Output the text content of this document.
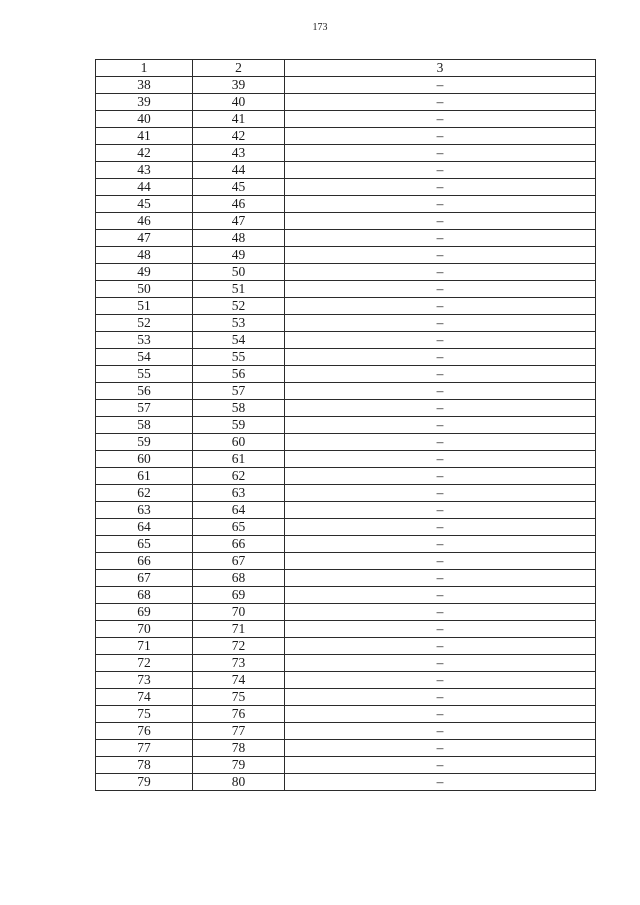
173
1	2	3
38	39	–
39	40	–
40	41	–
41	42	–
42	43	–
43	44	–
44	45	–
45	46	–
46	47	–
47	48	–
48	49	–
49	50	–
50	51	–
51	52	–
52	53	–
53	54	–
54	55	–
55	56	–
56	57	–
57	58	–
58	59	–
59	60	–
60	61	–
61	62	–
62	63	–
63	64	–
64	65	–
65	66	–
66	67	–
67	68	–
68	69	–
69	70	–
70	71	–
71	72	–
72	73	–
73	74	–
74	75	–
75	76	–
76	77	–
77	78	–
78	79	–
79	80	–
